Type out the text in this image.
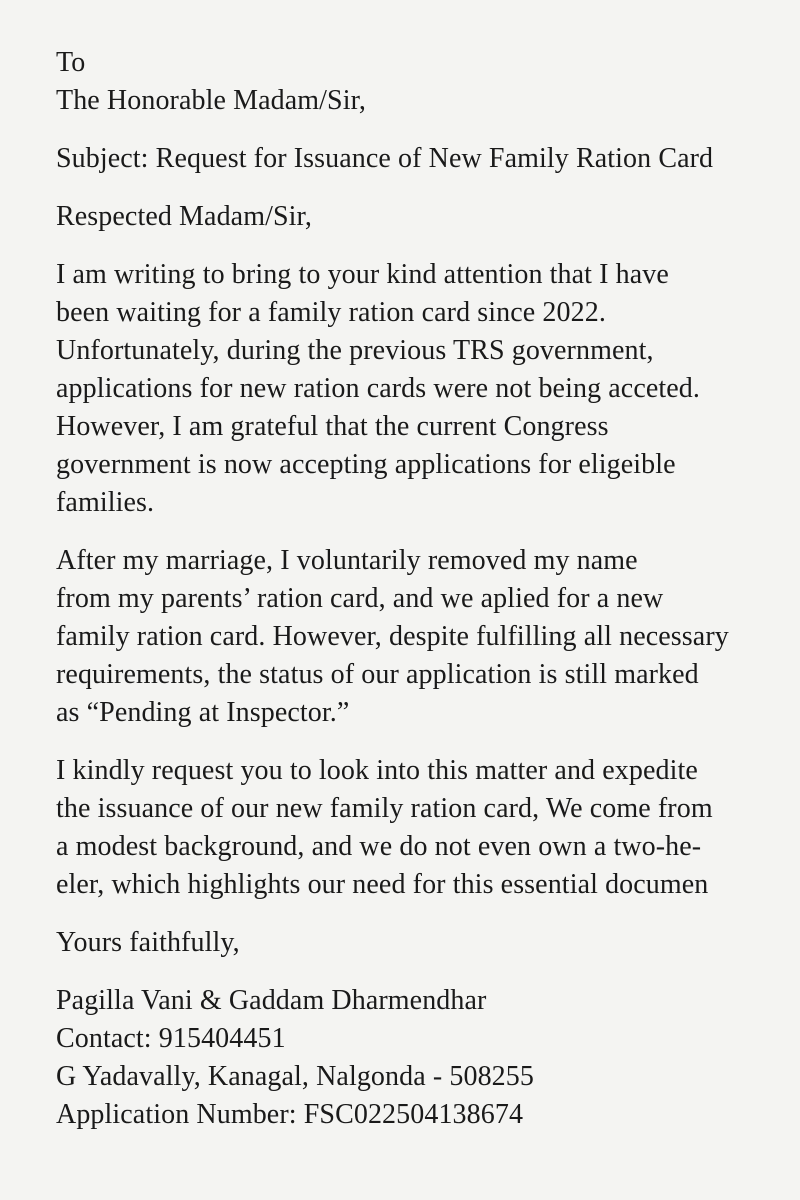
To
The Honorable Madam/Sir,
Subject: Request for Issuance of New Family Ration Card
Respected Madam/Sir,
I am writing to bring to your kind attention that I have
been waiting for a family ration card since 2022.
Unfortunately, during the previous TRS government,
applications for new ration cards were not being acceted.
However, I am grateful that the current Congress
government is now accepting applications for eligeible
families.
After my marriage, I voluntarily removed my name
from my parents’ ration card, and we aplied for a new
family ration card. However, despite fulfilling all necessary
requirements, the status of our application is still marked
as “Pending at Inspector.”
I kindly request you to look into this matter and expedite
the issuance of our new family ration card, We come from
a modest background, and we do not even own a two-he-
eler, which highlights our need for this essential documen
Yours faithfully,
Pagilla Vani & Gaddam Dharmendhar
Contact: 915404451
G Yadavally, Kanagal, Nalgonda - 508255
Application Number: FSC022504138674
